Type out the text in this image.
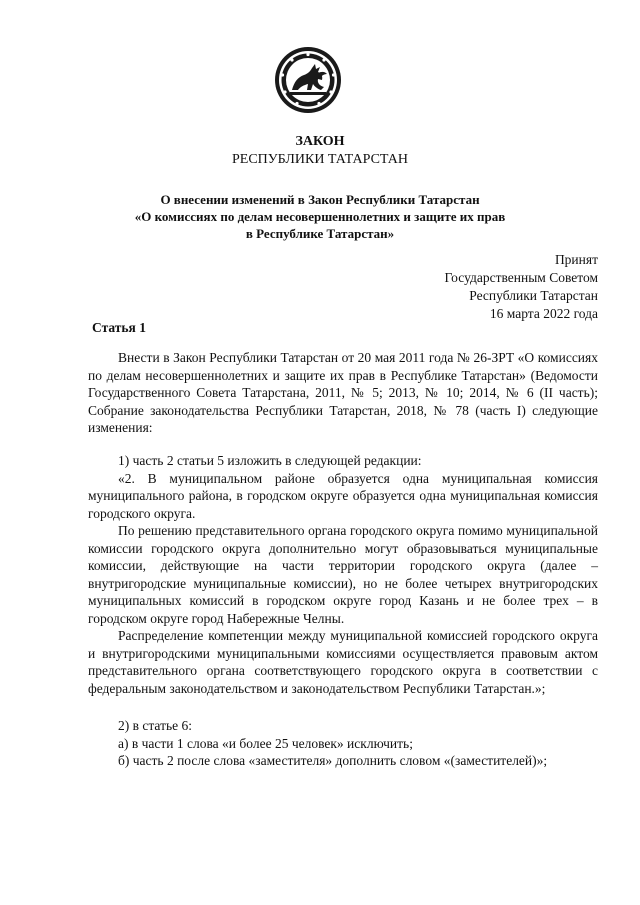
ЗАКОН
РЕСПУБЛИКИ ТАТАРСТАН
О внесении изменений в Закон Республики Татарстан
«О комиссиях по делам несовершеннолетних и защите их прав
в Республике Татарстан»
Принят
Государственным Советом
Республики Татарстан
16 марта 2022 года
Статья 1

Внести в Закон Республики Татарстан от 20 мая 2011 года № 26-ЗРТ «О комиссиях по делам несовершеннолетних и защите их прав в Республике Татарстан» (Ведомости Государственного Совета Татарстана, 2011, № 5; 2013, № 10; 2014, № 6 (II часть); Собрание законодательства Республики Татарстан, 2018, № 78 (часть I) следующие изменения:

1) часть 2 статьи 5 изложить в следующей редакции:

«2. В муниципальном районе образуется одна муниципальная комиссия муниципального района, в городском округе образуется одна муниципальная комиссия городского округа.

По решению представительного органа городского округа помимо муниципальной комиссии городского округа дополнительно могут образовываться муниципальные комиссии, действующие на части территории городского округа (далее – внутригородские муниципальные комиссии), но не более четырех внутригородских муниципальных комиссий в городском округе город Казань и не более трех – в городском округе город Набережные Челны.

Распределение компетенции между муниципальной комиссией городского округа и внутригородскими муниципальными комиссиями осуществляется правовым актом представительного органа соответствующего городского округа в соответствии с федеральным законодательством и законодательством Республики Татарстан.»;

2) в статье 6:

а) в части 1 слова «и более 25 человек» исключить;

б) часть 2 после слова «заместителя» дополнить словом «(заместителей)»;
